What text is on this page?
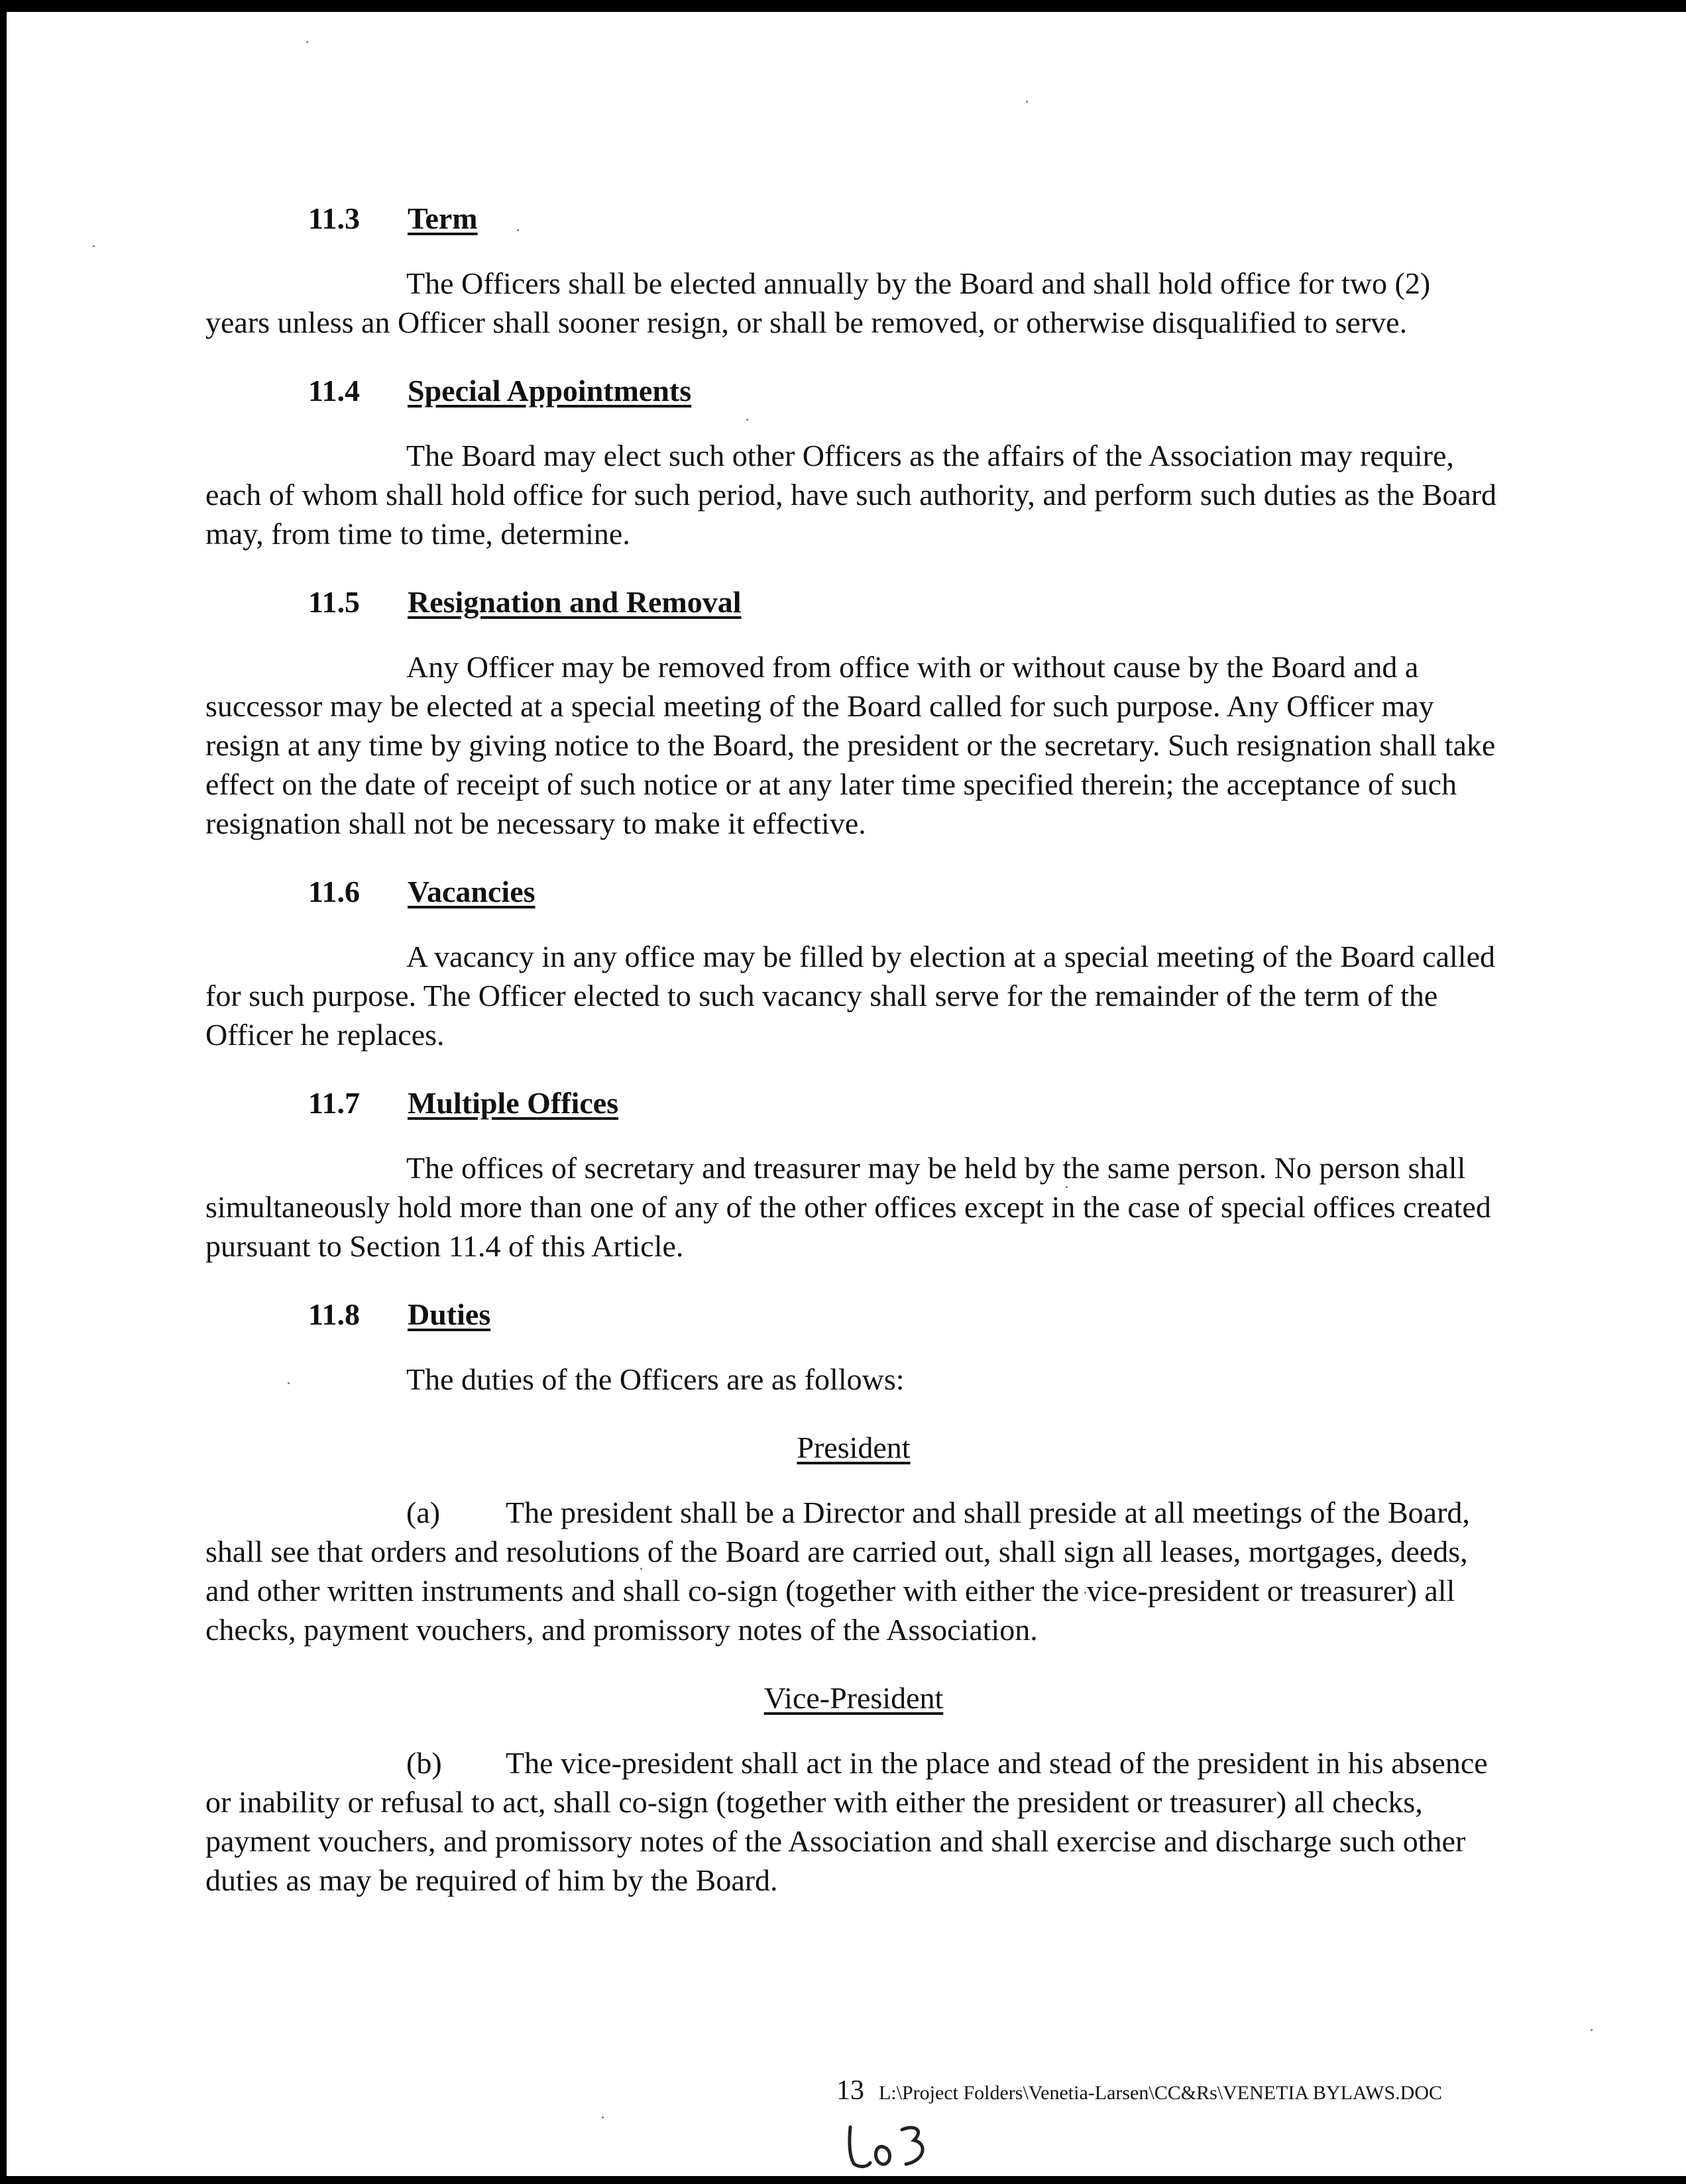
11.3	Term

The Officers shall be elected annually by the Board and shall hold office for two (2) years unless an Officer shall sooner resign, or shall be removed, or otherwise disqualified to serve.

11.4	Special Appointments

The Board may elect such other Officers as the affairs of the Association may require, each of whom shall hold office for such period, have such authority, and perform such duties as the Board may, from time to time, determine.

11.5	Resignation and Removal

Any Officer may be removed from office with or without cause by the Board and a successor may be elected at a special meeting of the Board called for such purpose. Any Officer may resign at any time by giving notice to the Board, the president or the secretary. Such resignation shall take effect on the date of receipt of such notice or at any later time specified therein; the acceptance of such resignation shall not be necessary to make it effective.

11.6	Vacancies

A vacancy in any office may be filled by election at a special meeting of the Board called for such purpose. The Officer elected to such vacancy shall serve for the remainder of the term of the Officer he replaces.

11.7	Multiple Offices

The offices of secretary and treasurer may be held by the same person. No person shall simultaneously hold more than one of any of the other offices except in the case of special offices created pursuant to Section 11.4 of this Article.

11.8	Duties

The duties of the Officers are as follows:

President

(a) The president shall be a Director and shall preside at all meetings of the Board, shall see that orders and resolutions of the Board are carried out, shall sign all leases, mortgages, deeds, and other written instruments and shall co-sign (together with either the vice-president or treasurer) all checks, payment vouchers, and promissory notes of the Association.

Vice-President

(b) The vice-president shall act in the place and stead of the president in his absence or inability or refusal to act, shall co-sign (together with either the president or treasurer) all checks, payment vouchers, and promissory notes of the Association and shall exercise and discharge such other duties as may be required of him by the Board.

13 L:\Project Folders\Venetia-Larsen\CC&Rs\VENETIA BYLAWS.DOC
